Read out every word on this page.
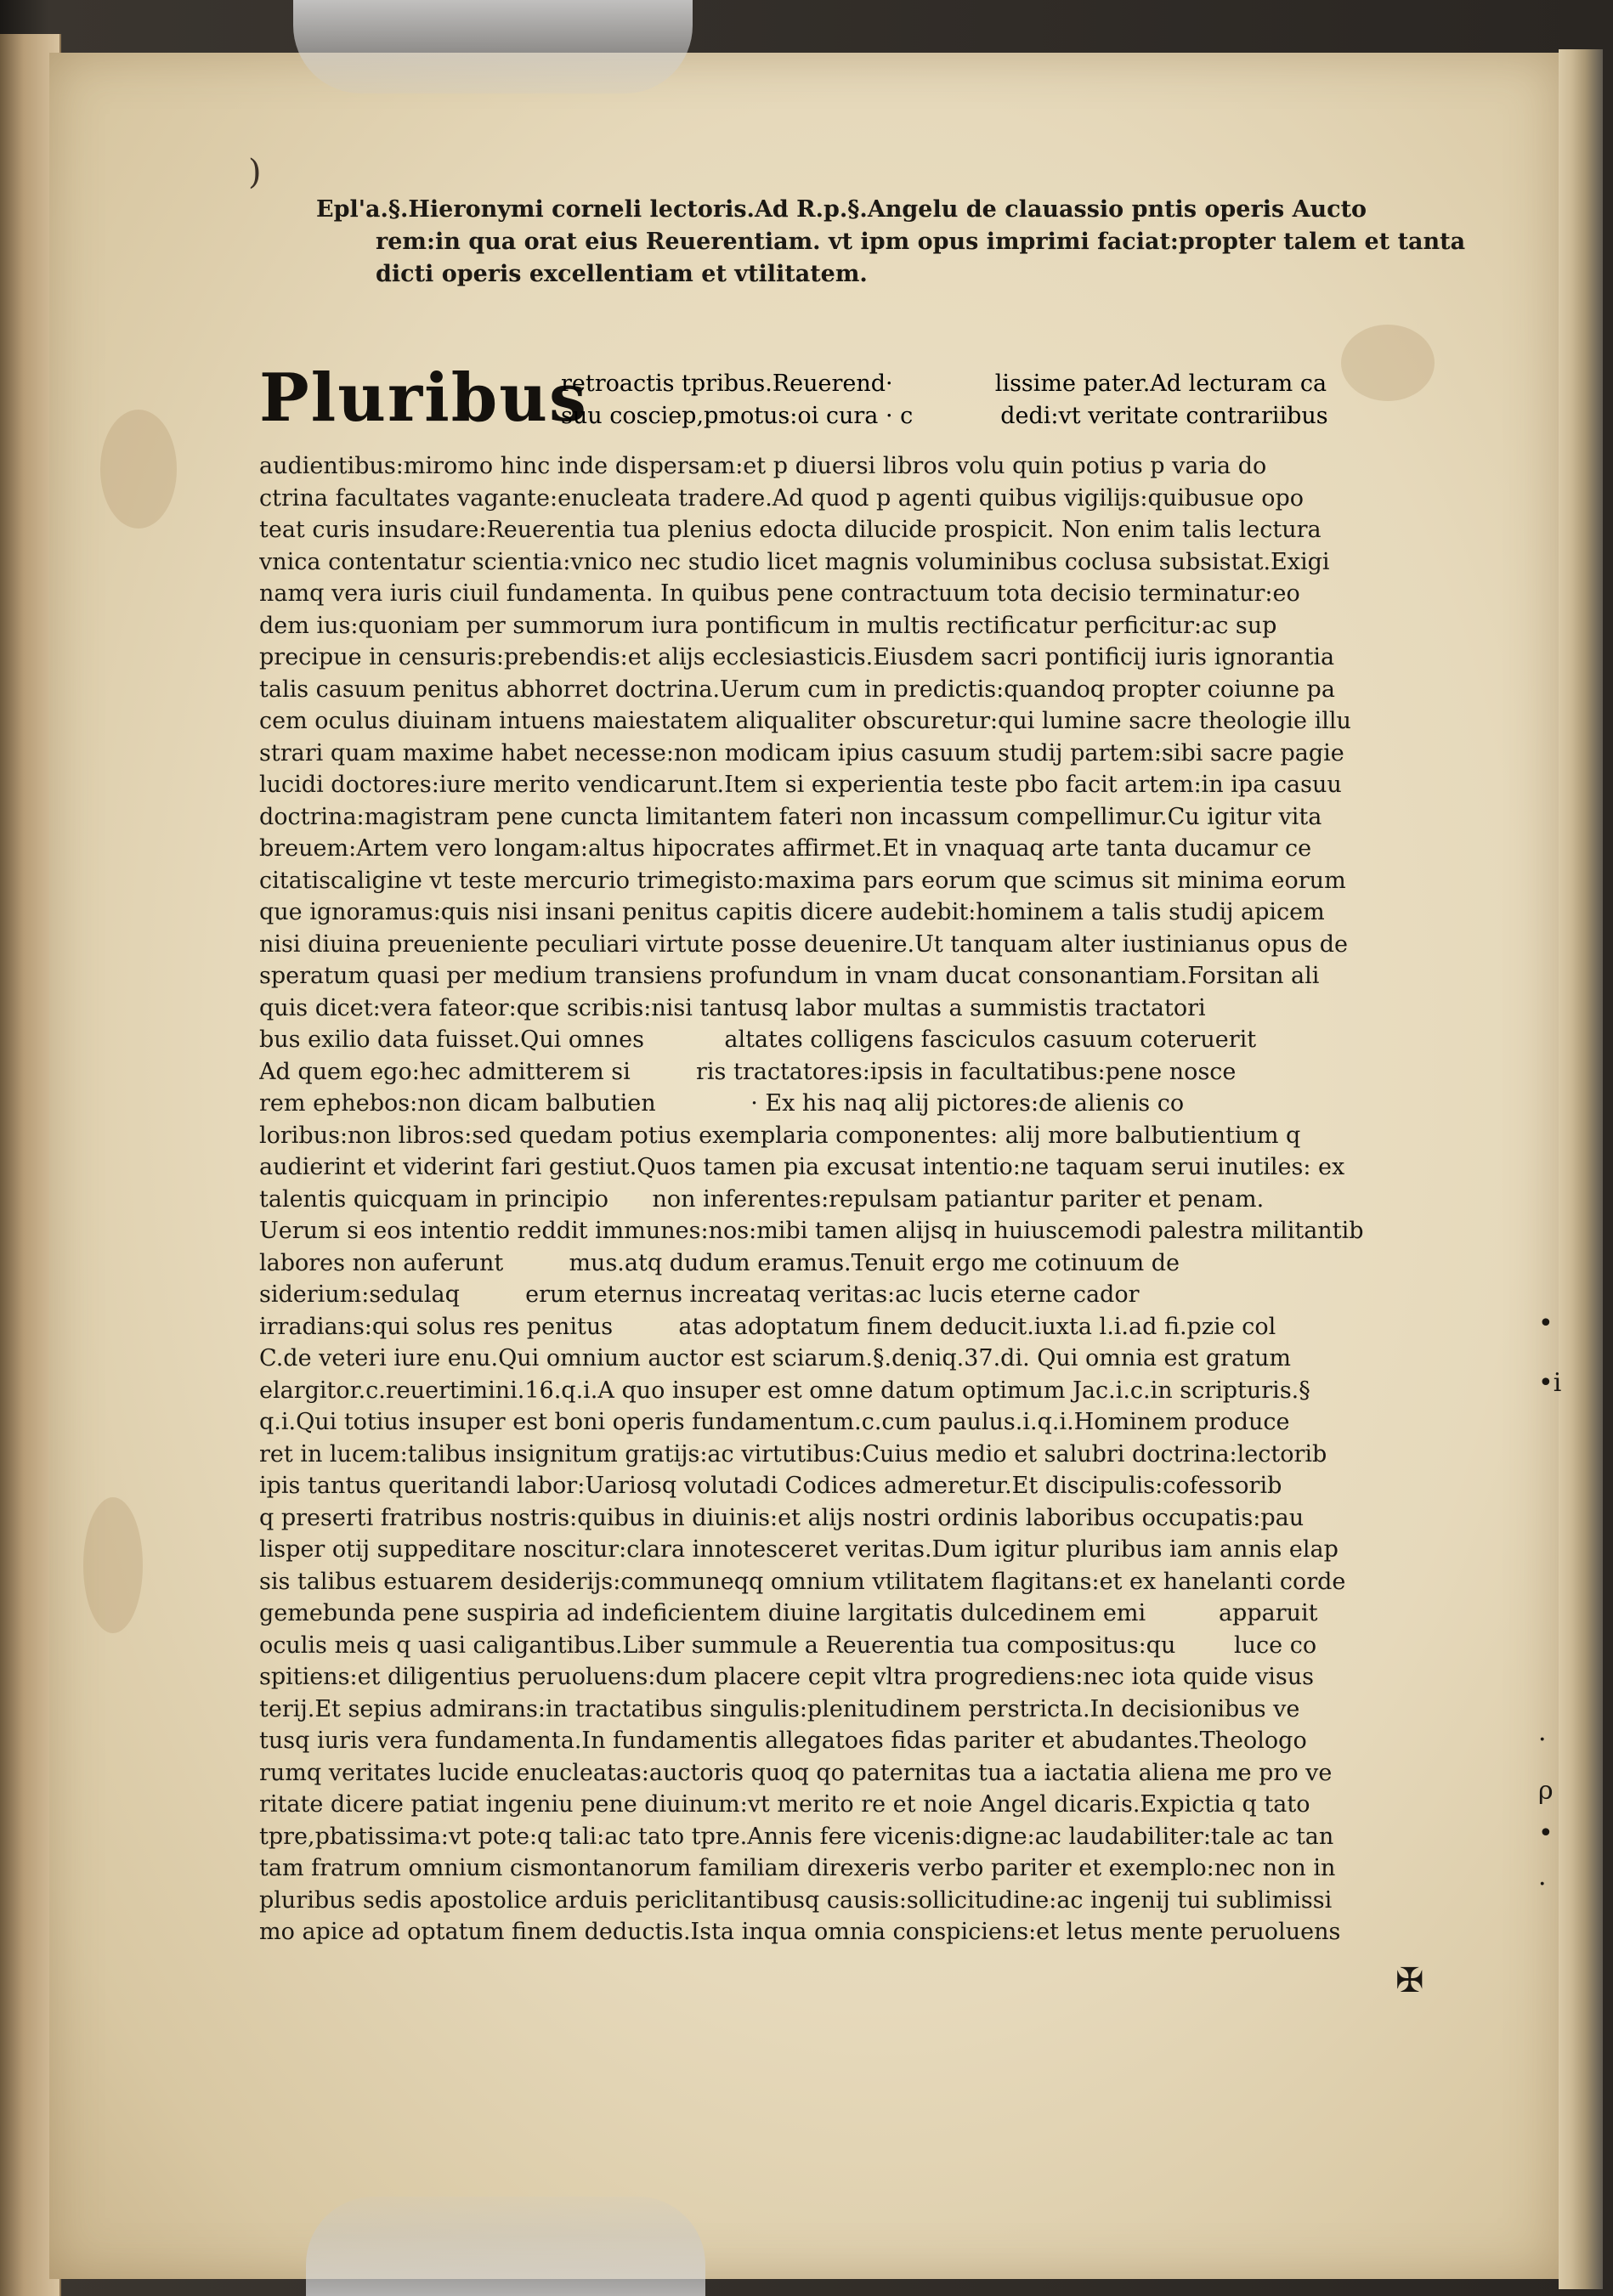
)
Epl'a.§.Hieronymi corneli lectoris.Ad R.p.§.Angelu de clauassio pntis operis Aucto
rem:in qua orat eius Reuerentiam. vt ipm opus imprimi faciat:propter talem et tanta
dicti operis excellentiam et vtilitatem.
Pluribus
retroactis tpribus.Reuerend·              lissime pater.Ad lecturam ca
suu cosciep,pmotus:oi cura · c            dedi:vt veritate contrariibus
audientibus:miromo hinc inde dispersam:et p diuersi libros volu quin potius p varia do
ctrina facultates vagante:enucleata tradere.Ad quod p agenti quibus vigilijs:quibusue opo
teat curis insudare:Reuerentia tua plenius edocta dilucide prospicit. Non enim talis lectura
vnica contentatur scientia:vnico nec studio licet magnis voluminibus coclusa subsistat.Exigi
namq vera iuris ciuil fundamenta. In quibus pene contractuum tota decisio terminatur:eo
dem ius:quoniam per summorum iura pontificum in multis rectificatur perficitur:ac sup
precipue in censuris:prebendis:et alijs ecclesiasticis.Eiusdem sacri pontificij iuris ignorantia
talis casuum penitus abhorret doctrina.Uerum cum in predictis:quandoq propter coiunne pa
cem oculus diuinam intuens maiestatem aliqualiter obscuretur:qui lumine sacre theologie illu
strari quam maxime habet necesse:non modicam ipius casuum studij partem:sibi sacre pagie
lucidi doctores:iure merito vendicarunt.Item si experientia teste pbo facit artem:in ipa casuu
doctrina:magistram pene cuncta limitantem fateri non incassum compellimur.Cu igitur vita
breuem:Artem vero longam:altus hipocrates affirmet.Et in vnaquaq arte tanta ducamur ce
citatiscaligine vt teste mercurio trimegisto:maxima pars eorum que scimus sit minima eorum
que ignoramus:quis nisi insani penitus capitis dicere audebit:hominem a talis studij apicem
nisi diuina preueniente peculiari virtute posse deuenire.Ut tanquam alter iustinianus opus de
speratum quasi per medium transiens profundum in vnam ducat consonantiam.Forsitan ali
quis dicet:vera fateor:que scribis:nisi tantusq labor multas a summistis tractatori
bus exilio data fuisset.Qui omnes           altates colligens fasciculos casuum coteruerit
Ad quem ego:hec admitterem si         ris tractatores:ipsis in facultatibus:pene nosce
rem ephebos:non dicam balbutien             · Ex his naq alij pictores:de alienis co
loribus:non libros:sed quedam potius exemplaria componentes: alij more balbutientium q
audierint et viderint fari gestiut.Quos tamen pia excusat intentio:ne taquam serui inutiles: ex
talentis quicquam in principio      non inferentes:repulsam patiantur pariter et penam.
Uerum si eos intentio reddit immunes:nos:mibi tamen alijsq in huiuscemodi palestra militantib
labores non auferunt         mus.atq dudum eramus.Tenuit ergo me cotinuum de
siderium:sedulaq         erum eternus increataq veritas:ac lucis eterne cador
irradians:qui solus res penitus         atas adoptatum finem deducit.iuxta l.i.ad fi.pzie col
C.de veteri iure enu.Qui omnium auctor est sciarum.§.deniq.37.di. Qui omnia est gratum
elargitor.c.reuertimini.16.q.i.A quo insuper est omne datum optimum Jac.i.c.in scripturis.§
q.i.Qui totius insuper est boni operis fundamentum.c.cum paulus.i.q.i.Hominem produce
ret in lucem:talibus insignitum gratijs:ac virtutibus:Cuius medio et salubri doctrina:lectorib
ipis tantus queritandi labor:Uariosq volutadi Codices admeretur.Et discipulis:cofessorib
q preserti fratribus nostris:quibus in diuinis:et alijs nostri ordinis laboribus occupatis:pau
lisper otij suppeditare noscitur:clara innotesceret veritas.Dum igitur pluribus iam annis elap
sis talibus estuarem desiderijs:communeqq omnium vtilitatem flagitans:et ex hanelanti corde
gemebunda pene suspiria ad indeficientem diuine largitatis dulcedinem emi          apparuit
oculis meis q uasi caligantibus.Liber summule a Reuerentia tua compositus:qu        luce co
spitiens:et diligentius peruoluens:dum placere cepit vltra progrediens:nec iota quide visus
terij.Et sepius admirans:in tractatibus singulis:plenitudinem perstricta.In decisionibus ve
tusq iuris vera fundamenta.In fundamentis allegatoes fidas pariter et abudantes.Theologo
rumq veritates lucide enucleatas:auctoris quoq qo paternitas tua a iactatia aliena me pro ve
ritate dicere patiat ingeniu pene diuinum:vt merito re et noie Angel dicaris.Expictia q tato
tpre,pbatissima:vt pote:q tali:ac tato tpre.Annis fere vicenis:digne:ac laudabiliter:tale ac tan
tam fratrum omnium cismontanorum familiam direxeris verbo pariter et exemplo:nec non in
pluribus sedis apostolice arduis periclitantibusq causis:sollicitudine:ac ingenij tui sublimissi
mo apice ad optatum finem deductis.Ista inqua omnia conspiciens:et letus mente peruoluens
✠
•
•i
·
ρ
•
·
